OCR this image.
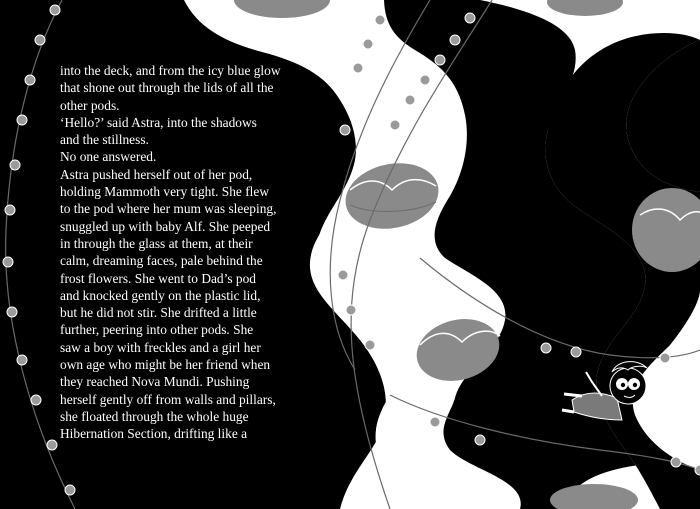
into the deck, and from the icy blue glow
that shone out through the lids of all the
other pods.
‘Hello?’ said Astra, into the shadows
and the stillness.
No one answered.
Astra pushed herself out of her pod,
holding Mammoth very tight. She flew
to the pod where her mum was sleeping,
snuggled up with baby Alf. She peeped
in through the glass at them, at their
calm, dreaming faces, pale behind the
frost flowers. She went to Dad’s pod
and knocked gently on the plastic lid,
but he did not stir. She drifted a little
further, peering into other pods. She
saw a boy with freckles and a girl her
own age who might be her friend when
they reached Nova Mundi. Pushing
herself gently off from walls and pillars,
she floated through the whole huge
Hibernation Section, drifting like a
